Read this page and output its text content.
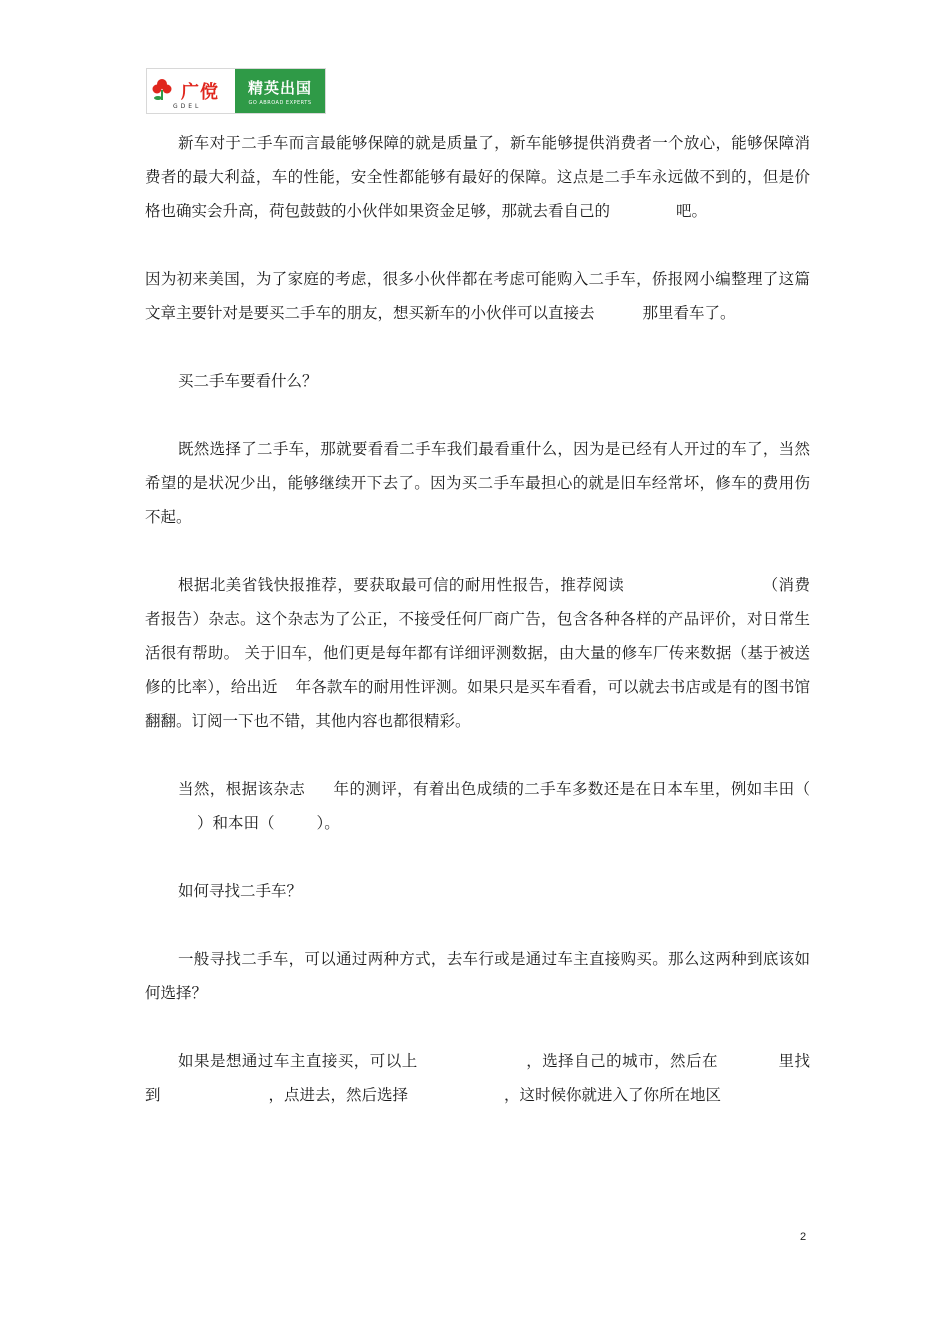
广傥
GDEL
精英出国
GO ABROAD EXPERTS

新车对于二手车而言最能够保障的就是质量了，新车能够提供消费者一个放心，能够保障消费者的最大利益，车的性能，安全性都能够有最好的保障。这点是二手车永远做不到的，但是价格也确实会升高，荷包鼓鼓的小伙伴如果资金足够，那就去看自己的	吧。

因为初来美国，为了家庭的考虑，很多小伙伴都在考虑可能购入二手车，侨报网小编整理了这篇文章主要针对是要买二手车的朋友，想买新车的小伙伴可以直接去	那里看车了。

买二手车要看什么？

既然选择了二手车，那就要看看二手车我们最看重什么，因为是已经有人开过的车了，当然希望的是状况少出，能够继续开下去了。因为买二手车最担心的就是旧车经常坏，修车的费用伤不起。

根据北美省钱快报推荐，要获取最可信的耐用性报告，推荐阅读	（消费者报告）杂志。这个杂志为了公正，不接受任何厂商广告，包含各种各样的产品评价，对日常生活很有帮助。 关于旧车，他们更是每年都有详细评测数据，由大量的修车厂传来数据（基于被送修的比率），给出近 年各款车的耐用性评测。如果只是买车看看，可以就去书店或是有的图书馆翻翻。订阅一下也不错，其他内容也都很精彩。

当然，根据该杂志 年的测评，有着出色成绩的二手车多数还是在日本车里，例如丰田（）和本田（	）。

如何寻找二手车？

一般寻找二手车，可以通过两种方式，去车行或是通过车主直接购买。那么这两种到底该如何选择？

如果是想通过车主直接买，可以上	，选择自己的城市，然后在	里找到	，点进去，然后选择	，这时候你就进入了你所在地区

2
